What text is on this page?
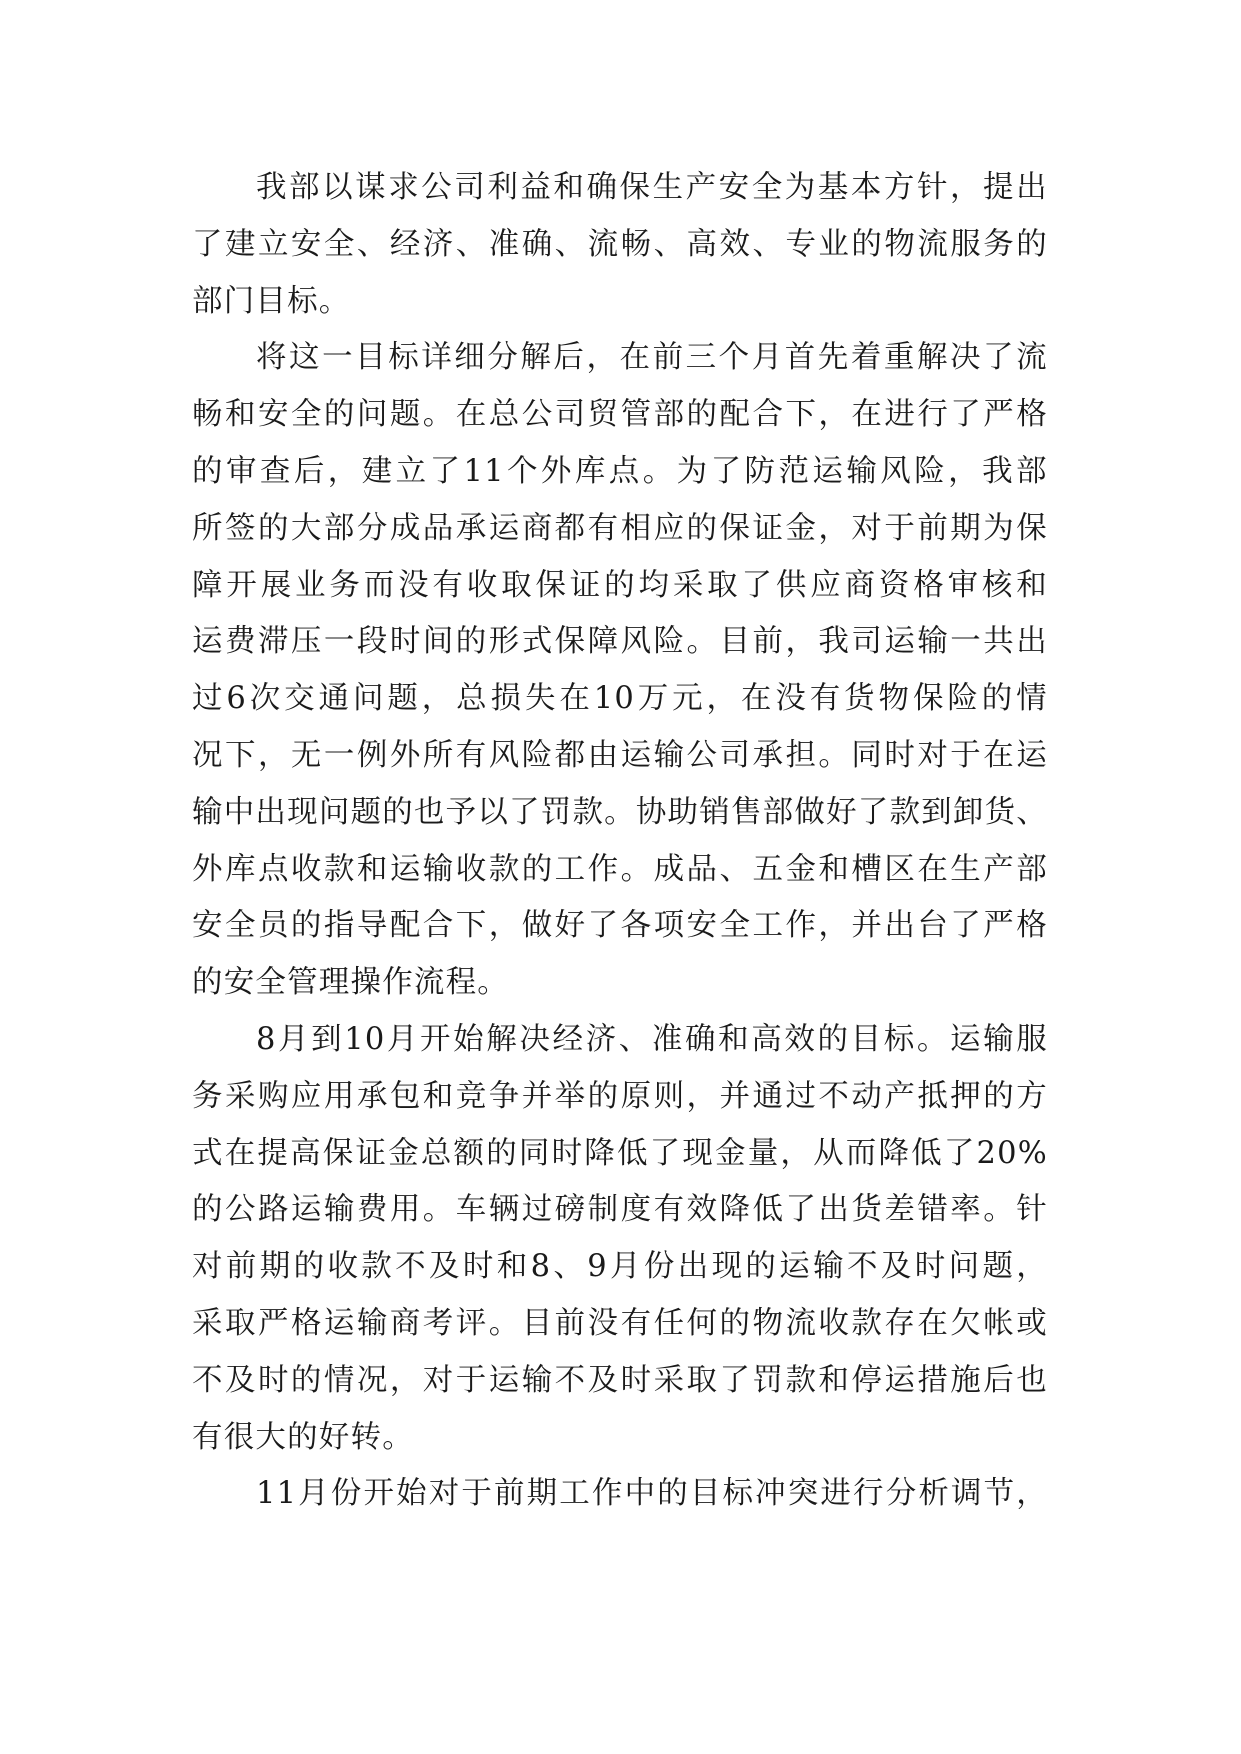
我 部 以 谋 求 公 司 利 益 和 确 保 生 产 安 全 为 基 本 方 针 ， 提 出
了 建 立 安 全 、 经 济 、 准 确 、 流 畅 、 高 效 、 专 业 的 物 流 服 务 的
部门目标。

将 这 一 目 标 详 细 分 解 后 ， 在 前 三 个 月 首 先 着 重 解 决 了 流
畅 和 安 全 的 问 题 。 在 总 公 司 贸 管 部 的 配 合 下 ， 在 进 行 了 严 格
的 审 查 后 ， 建 立 了 11 个 外 库 点 。 为 了 防 范 运 输 风 险 ， 我 部
所 签 的 大 部 分 成 品 承 运 商 都 有 相 应 的 保 证 金 ， 对 于 前 期 为 保
障 开 展 业 务 而 没 有 收 取 保 证 的 均 采 取 了 供 应 商 资 格 审 核 和
运 费 滞 压 一 段 时 间 的 形 式 保 障 风 险 。 目 前 ， 我 司 运 输 一 共 出
过 6 次 交 通 问 题 ， 总 损 失 在 10 万 元 ， 在 没 有 货 物 保 险 的 情
况 下 ， 无 一 例 外 所 有 风 险 都 由 运 输 公 司 承 担 。 同 时 对 于 在 运
输 中 出 现 问 题 的 也 予 以 了 罚 款 。 协 助 销 售 部 做 好 了 款 到 卸 货 、
外 库 点 收 款 和 运 输 收 款 的 工 作 。 成 品 、 五 金 和 槽 区 在 生 产 部
安 全 员 的 指 导 配 合 下 ， 做 好 了 各 项 安 全 工 作 ， 并 出 台 了 严 格
的安全管理操作流程。

8 月 到 10 月 开 始 解 决 经 济 、 准 确 和 高 效 的 目 标 。 运 输 服
务 采 购 应 用 承 包 和 竞 争 并 举 的 原 则 ， 并 通 过 不 动 产 抵 押 的 方
式 在 提 高 保 证 金 总 额 的 同 时 降 低 了 现 金 量 ， 从 而 降 低 了 20%
的 公 路 运 输 费 用 。 车 辆 过 磅 制 度 有 效 降 低 了 出 货 差 错 率 。 针
对 前 期 的 收 款 不 及 时 和 8 、 9 月 份 出 现 的 运 输 不 及 时 问 题 ，
采 取 严 格 运 输 商 考 评 。 目 前 没 有 任 何 的 物 流 收 款 存 在 欠 帐 或
不 及 时 的 情 况 ， 对 于 运 输 不 及 时 采 取 了 罚 款 和 停 运 措 施 后 也
有很大的好转。

11 月 份 开 始 对 于 前 期 工 作 中 的 目 标 冲 突 进 行 分 析 调 节 ，
